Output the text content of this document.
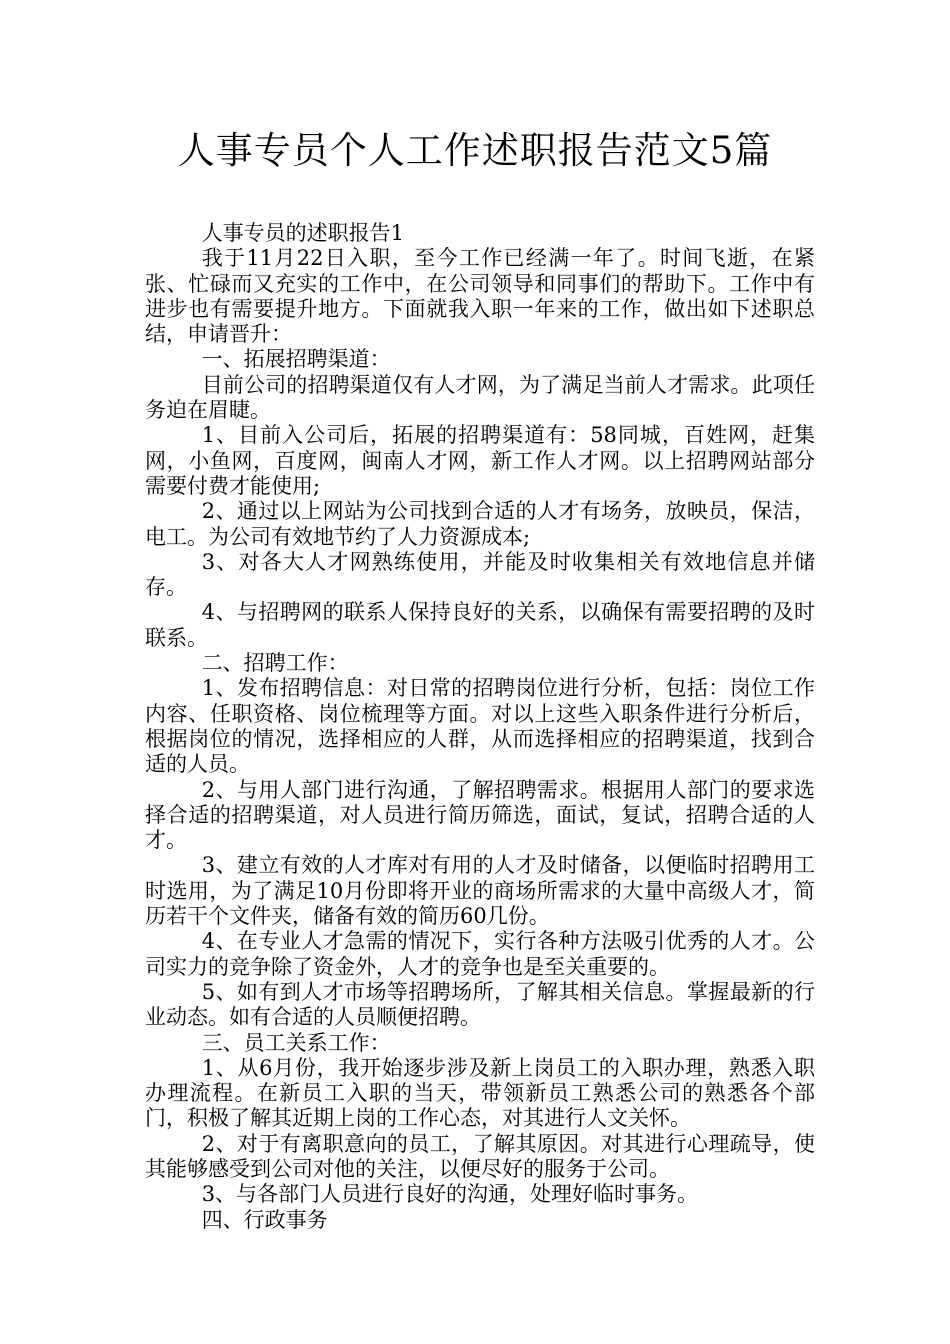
人事专员个人工作述职报告范文5篇

人事专员的述职报告1

我于11月22日入职，至今工作已经满一年了。时间飞逝，在紧张、忙碌而又充实的工作中，在公司领导和同事们的帮助下。工作中有进步也有需要提升地方。下面就我入职一年来的工作，做出如下述职总结，申请晋升：

一、拓展招聘渠道：

目前公司的招聘渠道仅有人才网，为了满足当前人才需求。此项任务迫在眉睫。

1、目前入公司后，拓展的招聘渠道有：58同城，百姓网，赶集网，小鱼网，百度网，闽南人才网，新工作人才网。以上招聘网站部分需要付费才能使用;

2、通过以上网站为公司找到合适的人才有场务，放映员，保洁，电工。为公司有效地节约了人力资源成本;

3、对各大人才网熟练使用，并能及时收集相关有效地信息并储存。

4、与招聘网的联系人保持良好的关系，以确保有需要招聘的及时联系。

二、招聘工作：

1、发布招聘信息：对日常的招聘岗位进行分析，包括：岗位工作内容、任职资格、岗位梳理等方面。对以上这些入职条件进行分析后，根据岗位的情况，选择相应的人群，从而选择相应的招聘渠道，找到合适的人员。

2、与用人部门进行沟通，了解招聘需求。根据用人部门的要求选择合适的招聘渠道，对人员进行简历筛选，面试，复试，招聘合适的人才。

3、建立有效的人才库对有用的人才及时储备，以便临时招聘用工时选用，为了满足10月份即将开业的商场所需求的大量中高级人才，简历若干个文件夹，储备有效的简历60几份。

4、在专业人才急需的情况下，实行各种方法吸引优秀的人才。公司实力的竞争除了资金外，人才的竞争也是至关重要的。

5、如有到人才市场等招聘场所，了解其相关信息。掌握最新的行业动态。如有合适的人员顺便招聘。

三、员工关系工作：

1、从6月份，我开始逐步涉及新上岗员工的入职办理，熟悉入职办理流程。在新员工入职的当天，带领新员工熟悉公司的熟悉各个部门，积极了解其近期上岗的工作心态，对其进行人文关怀。

2、对于有离职意向的员工，了解其原因。对其进行心理疏导，使其能够感受到公司对他的关注，以便尽好的服务于公司。

3、与各部门人员进行良好的沟通，处理好临时事务。

四、行政事务
